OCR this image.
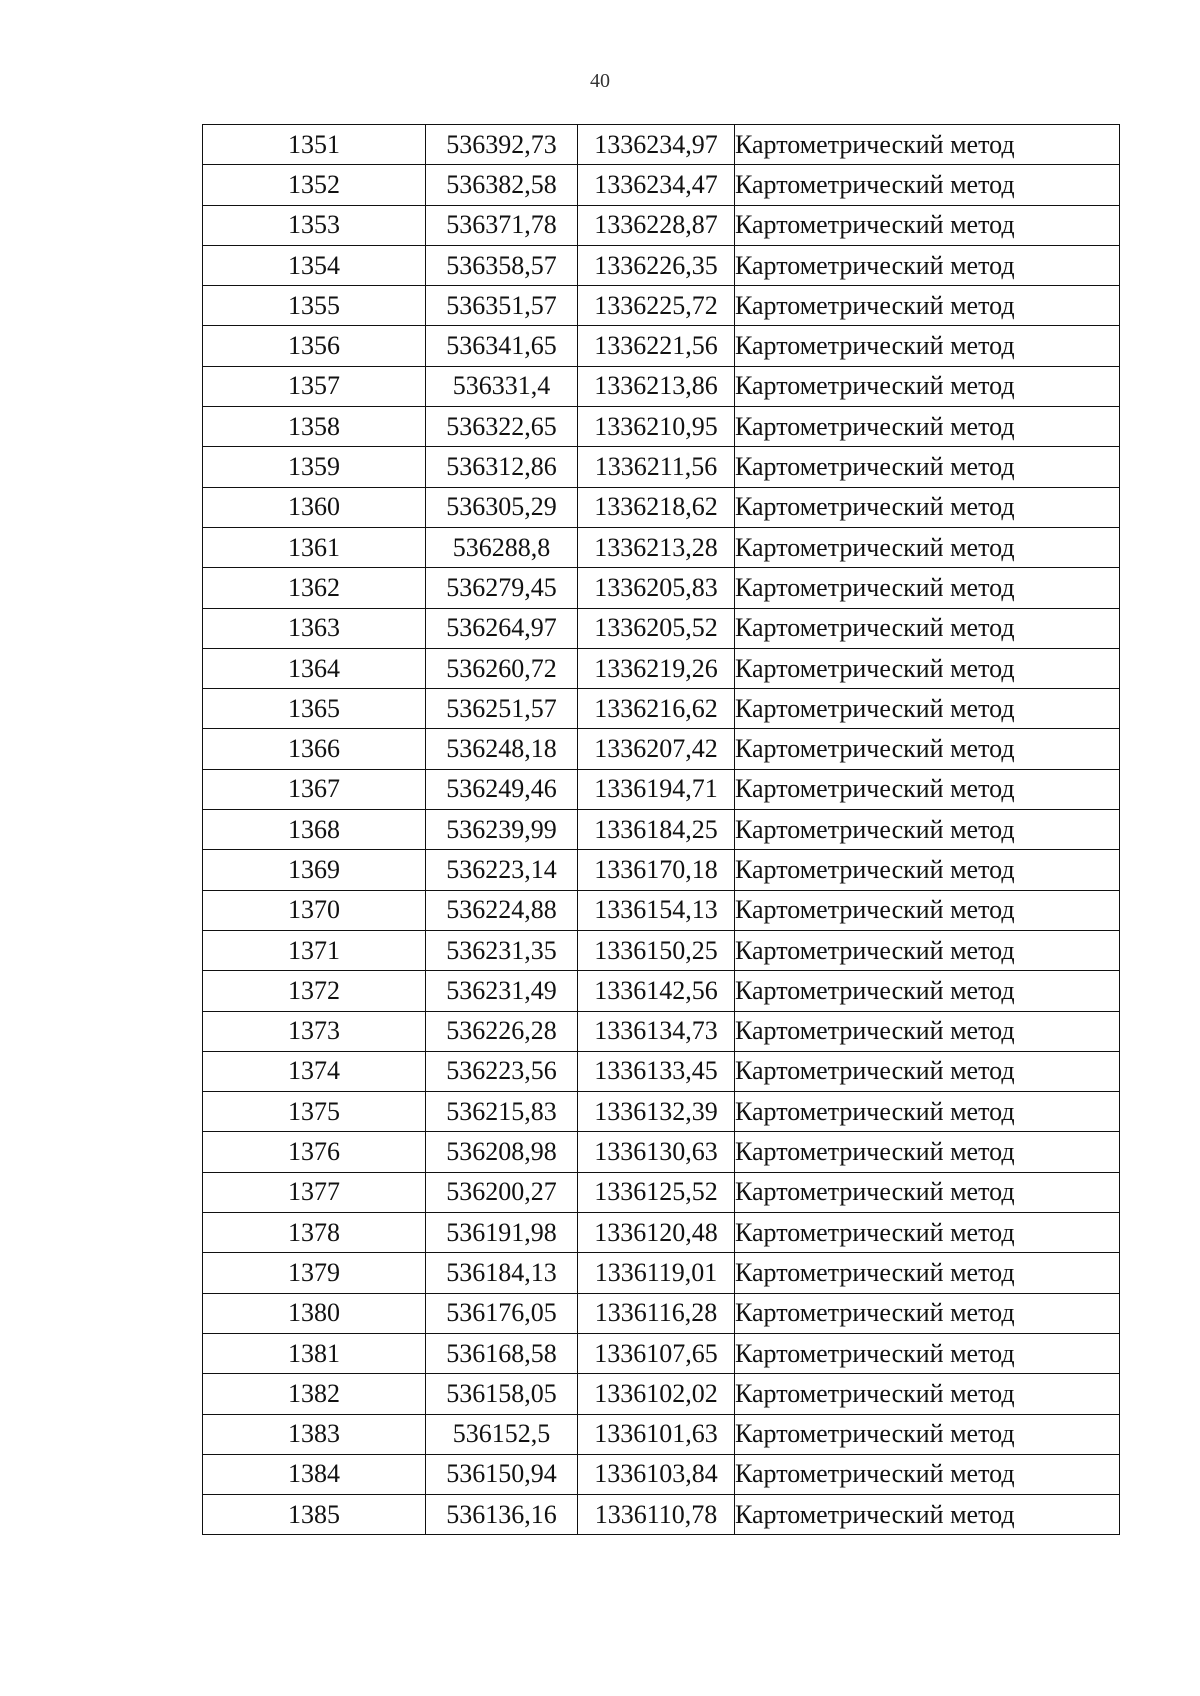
40
1351	536392,73	1336234,97	Картометрический метод
1352	536382,58	1336234,47	Картометрический метод
1353	536371,78	1336228,87	Картометрический метод
1354	536358,57	1336226,35	Картометрический метод
1355	536351,57	1336225,72	Картометрический метод
1356	536341,65	1336221,56	Картометрический метод
1357	536331,4	1336213,86	Картометрический метод
1358	536322,65	1336210,95	Картометрический метод
1359	536312,86	1336211,56	Картометрический метод
1360	536305,29	1336218,62	Картометрический метод
1361	536288,8	1336213,28	Картометрический метод
1362	536279,45	1336205,83	Картометрический метод
1363	536264,97	1336205,52	Картометрический метод
1364	536260,72	1336219,26	Картометрический метод
1365	536251,57	1336216,62	Картометрический метод
1366	536248,18	1336207,42	Картометрический метод
1367	536249,46	1336194,71	Картометрический метод
1368	536239,99	1336184,25	Картометрический метод
1369	536223,14	1336170,18	Картометрический метод
1370	536224,88	1336154,13	Картометрический метод
1371	536231,35	1336150,25	Картометрический метод
1372	536231,49	1336142,56	Картометрический метод
1373	536226,28	1336134,73	Картометрический метод
1374	536223,56	1336133,45	Картометрический метод
1375	536215,83	1336132,39	Картометрический метод
1376	536208,98	1336130,63	Картометрический метод
1377	536200,27	1336125,52	Картометрический метод
1378	536191,98	1336120,48	Картометрический метод
1379	536184,13	1336119,01	Картометрический метод
1380	536176,05	1336116,28	Картометрический метод
1381	536168,58	1336107,65	Картометрический метод
1382	536158,05	1336102,02	Картометрический метод
1383	536152,5	1336101,63	Картометрический метод
1384	536150,94	1336103,84	Картометрический метод
1385	536136,16	1336110,78	Картометрический метод
